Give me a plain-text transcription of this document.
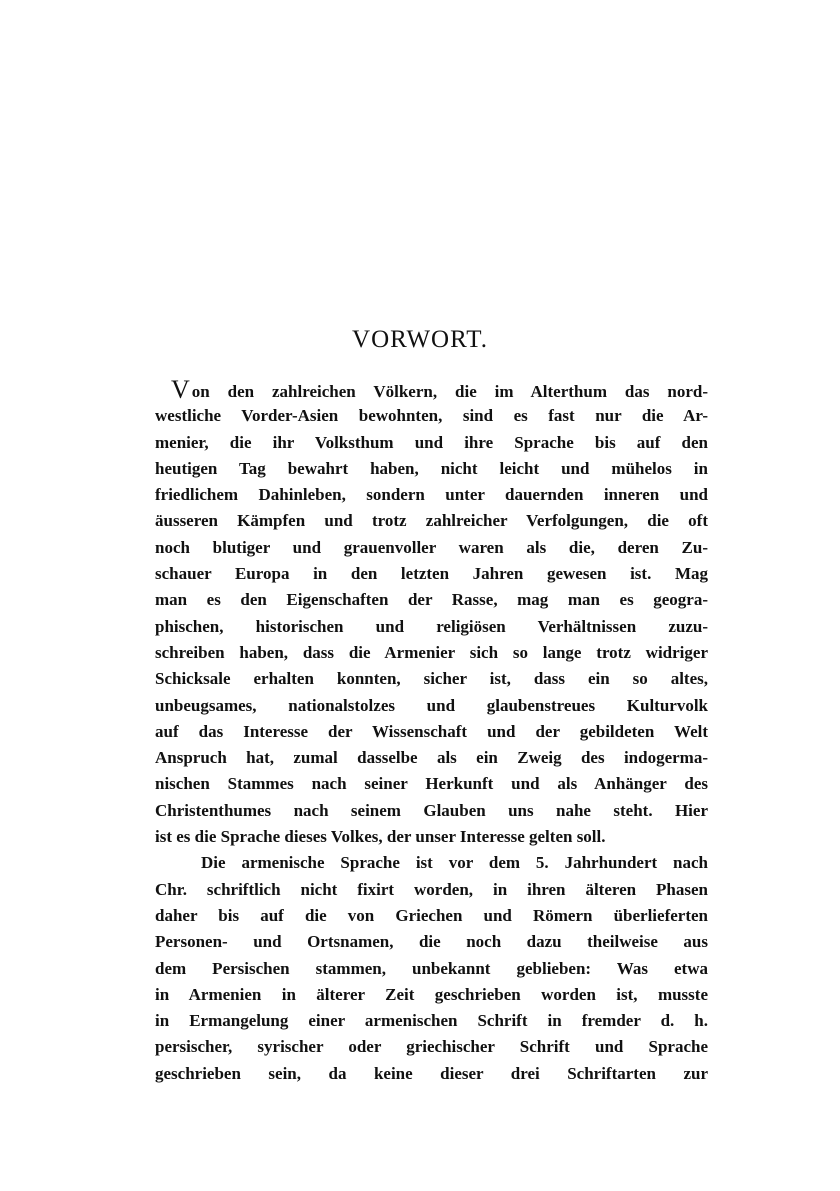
VORWORT.
Von den zahlreichen Völkern, die im Alterthum das nord-
westliche Vorder-Asien bewohnten, sind es fast nur die Ar-
menier, die ihr Volksthum und ihre Sprache bis auf den
heutigen Tag bewahrt haben, nicht leicht und mühelos in
friedlichem Dahinleben, sondern unter dauernden inneren und
äusseren Kämpfen und trotz zahlreicher Verfolgungen, die oft
noch blutiger und grauenvoller waren als die, deren Zu-
schauer Europa in den letzten Jahren gewesen ist. Mag
man es den Eigenschaften der Rasse, mag man es geogra-
phischen, historischen und religiösen Verhältnissen zuzu-
schreiben haben, dass die Armenier sich so lange trotz widriger
Schicksale erhalten konnten, sicher ist, dass ein so altes,
unbeugsames, nationalstolzes und glaubenstreues Kulturvolk
auf das Interesse der Wissenschaft und der gebildeten Welt
Anspruch hat, zumal dasselbe als ein Zweig des indogerma-
nischen Stammes nach seiner Herkunft und als Anhänger des
Christenthumes nach seinem Glauben uns nahe steht. Hier
ist es die Sprache dieses Volkes, der unser Interesse gelten soll.
Die armenische Sprache ist vor dem 5. Jahrhundert nach
Chr. schriftlich nicht fixirt worden, in ihren älteren Phasen
daher bis auf die von Griechen und Römern überlieferten
Personen- und Ortsnamen, die noch dazu theilweise aus
dem Persischen stammen, unbekannt geblieben: Was etwa
in Armenien in älterer Zeit geschrieben worden ist, musste
in Ermangelung einer armenischen Schrift in fremder d. h.
persischer, syrischer oder griechischer Schrift und Sprache
geschrieben sein, da keine dieser drei Schriftarten zur
